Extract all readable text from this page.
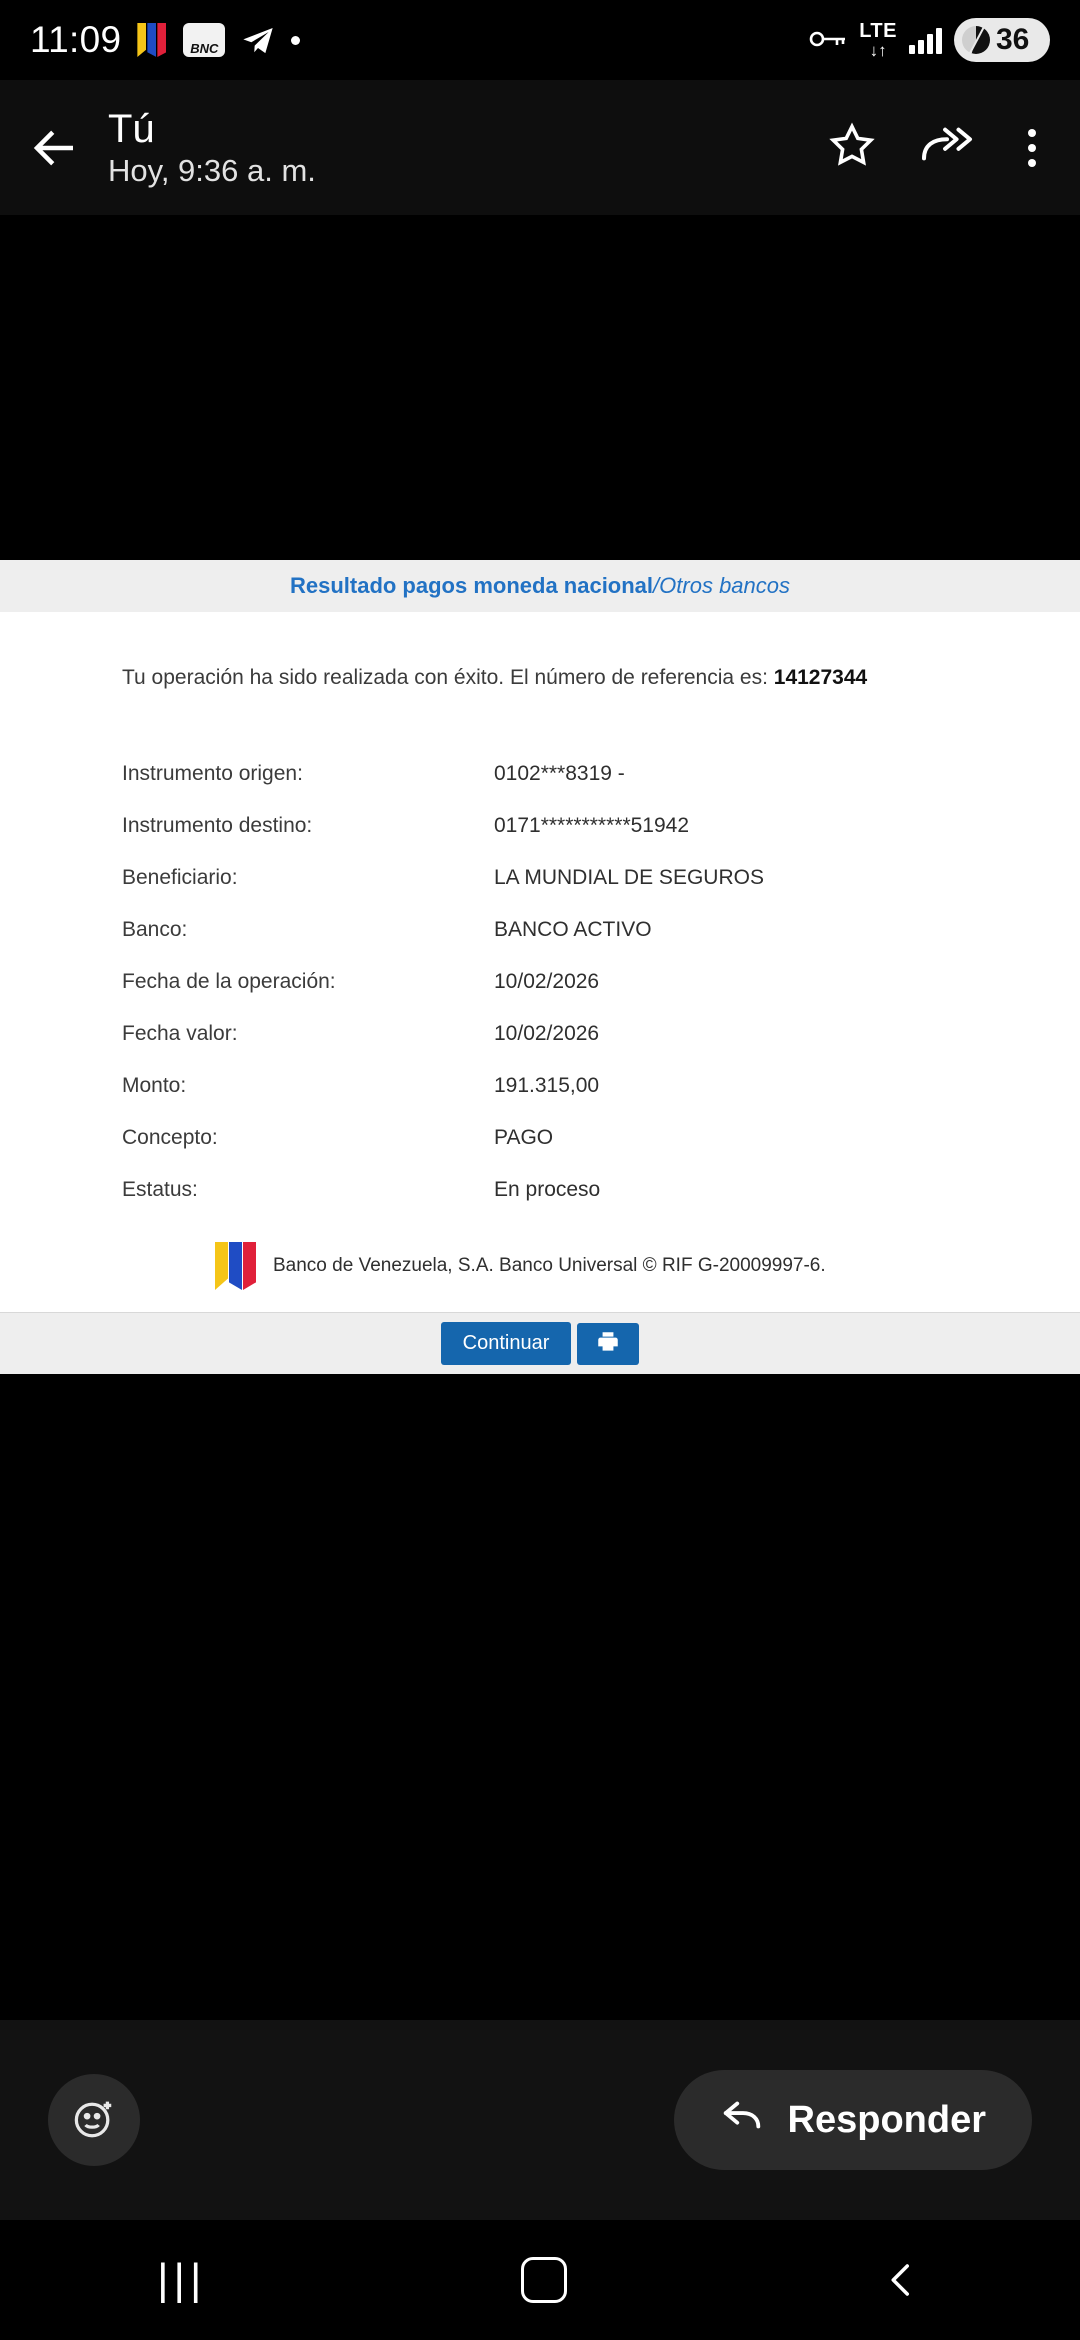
11:09	BNC
LTE
↓↑	36
Tú
Hoy, 9:36 a. m.
Resultado pagos moneda nacional / Otros bancos
Tu operación ha sido realizada con éxito. El número de referencia es: 14127344
Instrumento origen:	0102***8319 -
Instrumento destino:	0171***********51942
Beneficiario:	LA MUNDIAL DE SEGUROS
Banco:	BANCO ACTIVO
Fecha de la operación:	10/02/2026
Fecha valor:	10/02/2026
Monto:	191.315,00
Concepto:	PAGO
Estatus:	En proceso
Banco de Venezuela, S.A. Banco Universal © RIF G-20009997-6.
Continuar
Responder
|||
